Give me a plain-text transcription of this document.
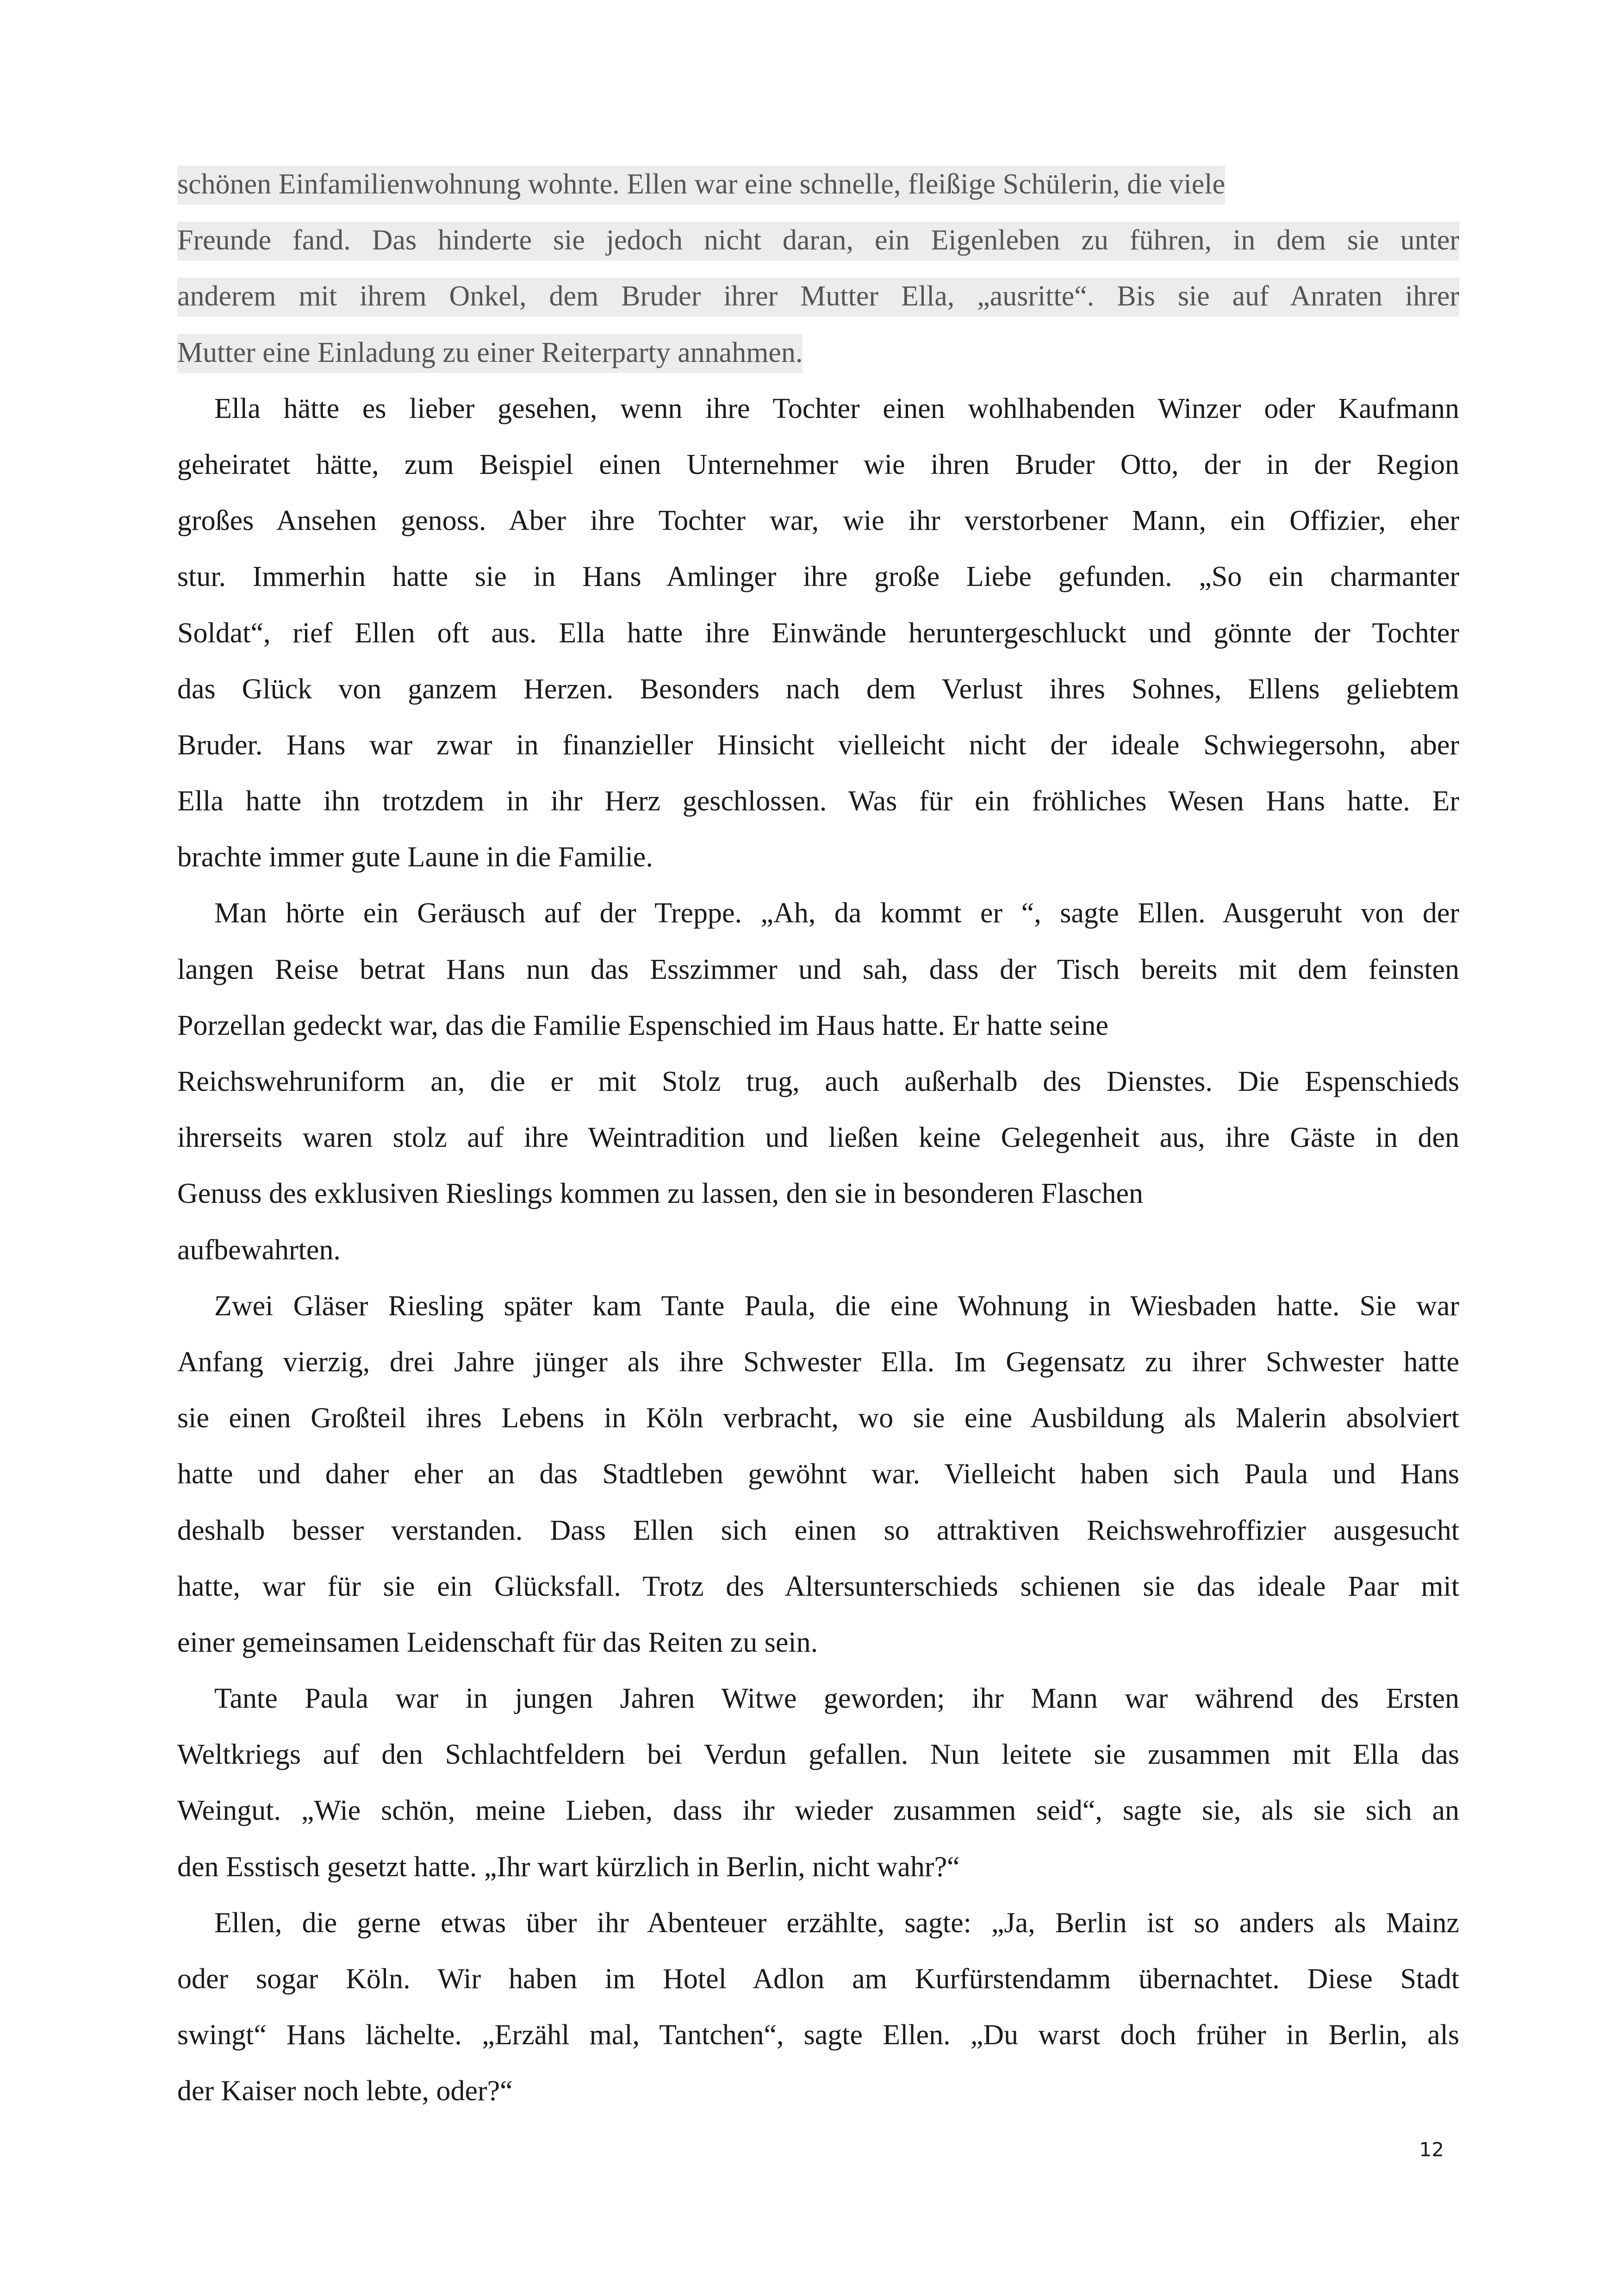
schönen Einfamilienwohnung wohnte. Ellen war eine schnelle, fleißige Schülerin, die viele
Freunde fand. Das hinderte sie jedoch nicht daran, ein Eigenleben zu führen, in dem sie unter
anderem mit ihrem Onkel, dem Bruder ihrer Mutter Ella, „ausritte“. Bis sie auf Anraten ihrer
Mutter eine Einladung zu einer Reiterparty annahmen.
Ella hätte es lieber gesehen, wenn ihre Tochter einen wohlhabenden Winzer oder Kaufmann
geheiratet hätte, zum Beispiel einen Unternehmer wie ihren Bruder Otto, der in der Region
großes Ansehen genoss. Aber ihre Tochter war, wie ihr verstorbener Mann, ein Offizier, eher
stur. Immerhin hatte sie in Hans Amlinger ihre große Liebe gefunden. „So ein charmanter
Soldat“, rief Ellen oft aus. Ella hatte ihre Einwände heruntergeschluckt und gönnte der Tochter
das Glück von ganzem Herzen. Besonders nach dem Verlust ihres Sohnes, Ellens geliebtem
Bruder. Hans war zwar in finanzieller Hinsicht vielleicht nicht der ideale Schwiegersohn, aber
Ella hatte ihn trotzdem in ihr Herz geschlossen. Was für ein fröhliches Wesen Hans hatte. Er
brachte immer gute Laune in die Familie.
Man hörte ein Geräusch auf der Treppe. „Ah, da kommt er “, sagte Ellen. Ausgeruht von der
langen Reise betrat Hans nun das Esszimmer und sah, dass der Tisch bereits mit dem feinsten
Porzellan gedeckt war, das die Familie Espenschied im Haus hatte. Er hatte seine
Reichswehruniform an, die er mit Stolz trug, auch außerhalb des Dienstes. Die Espenschieds
ihrerseits waren stolz auf ihre Weintradition und ließen keine Gelegenheit aus, ihre Gäste in den
Genuss des exklusiven Rieslings kommen zu lassen, den sie in besonderen Flaschen
aufbewahrten.
Zwei Gläser Riesling später kam Tante Paula, die eine Wohnung in Wiesbaden hatte. Sie war
Anfang vierzig, drei Jahre jünger als ihre Schwester Ella. Im Gegensatz zu ihrer Schwester hatte
sie einen Großteil ihres Lebens in Köln verbracht, wo sie eine Ausbildung als Malerin absolviert
hatte und daher eher an das Stadtleben gewöhnt war. Vielleicht haben sich Paula und Hans
deshalb besser verstanden. Dass Ellen sich einen so attraktiven Reichswehroffizier ausgesucht
hatte, war für sie ein Glücksfall. Trotz des Altersunterschieds schienen sie das ideale Paar mit
einer gemeinsamen Leidenschaft für das Reiten zu sein.
Tante Paula war in jungen Jahren Witwe geworden; ihr Mann war während des Ersten
Weltkriegs auf den Schlachtfeldern bei Verdun gefallen. Nun leitete sie zusammen mit Ella das
Weingut. „Wie schön, meine Lieben, dass ihr wieder zusammen seid“, sagte sie, als sie sich an
den Esstisch gesetzt hatte. „Ihr wart kürzlich in Berlin, nicht wahr?“
Ellen, die gerne etwas über ihr Abenteuer erzählte, sagte: „Ja, Berlin ist so anders als Mainz
oder sogar Köln. Wir haben im Hotel Adlon am Kurfürstendamm übernachtet. Diese Stadt
swingt“ Hans lächelte. „Erzähl mal, Tantchen“, sagte Ellen. „Du warst doch früher in Berlin, als
der Kaiser noch lebte, oder?“
12
